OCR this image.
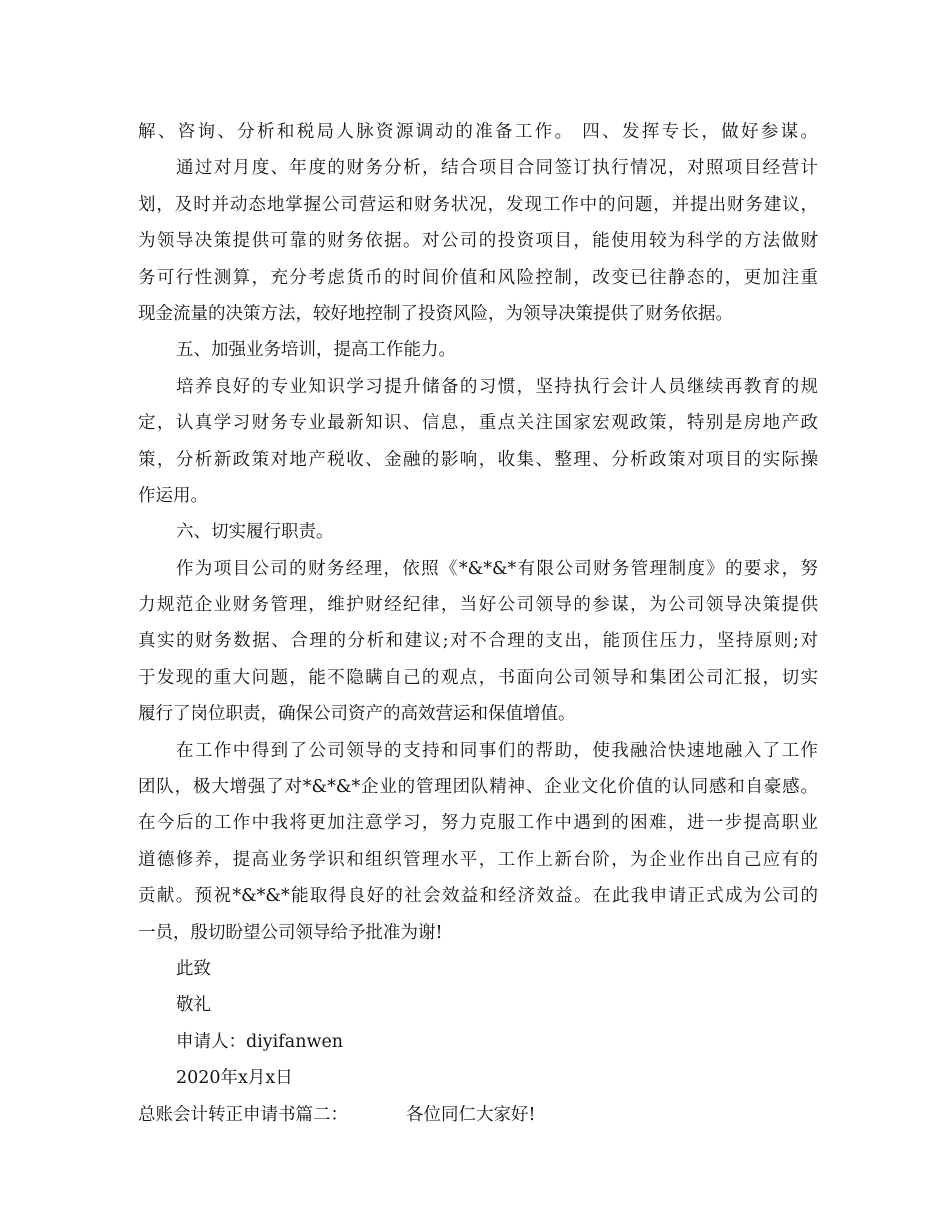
解、咨询、分析和税局人脉资源调动的准备工作。 四、发挥专长，做好参谋。
通过对月度、年度的财务分析，结合项目合同签订执行情况，对照项目经营计
划，及时并动态地掌握公司营运和财务状况，发现工作中的问题，并提出财务建议，
为领导决策提供可靠的财务依据。对公司的投资项目，能使用较为科学的方法做财
务可行性测算，充分考虑货币的时间价值和风险控制，改变已往静态的，更加注重
现金流量的决策方法，较好地控制了投资风险，为领导决策提供了财务依据。
五、加强业务培训，提高工作能力。
培养良好的专业知识学习提升储备的习惯，坚持执行会计人员继续再教育的规
定，认真学习财务专业最新知识、信息，重点关注国家宏观政策，特别是房地产政
策，分析新政策对地产税收、金融的影响，收集、整理、分析政策对项目的实际操
作运用。
六、切实履行职责。
作为项目公司的财务经理，依照《*&*&*有限公司财务管理制度》的要求，努
力规范企业财务管理，维护财经纪律，当好公司领导的参谋，为公司领导决策提供
真实的财务数据、合理的分析和建议;对不合理的支出，能顶住压力，坚持原则;对
于发现的重大问题，能不隐瞒自己的观点，书面向公司领导和集团公司汇报，切实
履行了岗位职责，确保公司资产的高效营运和保值增值。
在工作中得到了公司领导的支持和同事们的帮助，使我融洽快速地融入了工作
团队，极大增强了对*&*&*企业的管理团队精神、企业文化价值的认同感和自豪感。
在今后的工作中我将更加注意学习，努力克服工作中遇到的困难，进一步提高职业
道德修养，提高业务学识和组织管理水平，工作上新台阶，为企业作出自己应有的
贡献。预祝*&*&*能取得良好的社会效益和经济效益。在此我申请正式成为公司的
一员，殷切盼望公司领导给予批准为谢!
此致
敬礼
申请人：diyifanwen
2020年x月x日
总账会计转正申请书篇二：	各位同仁大家好!
